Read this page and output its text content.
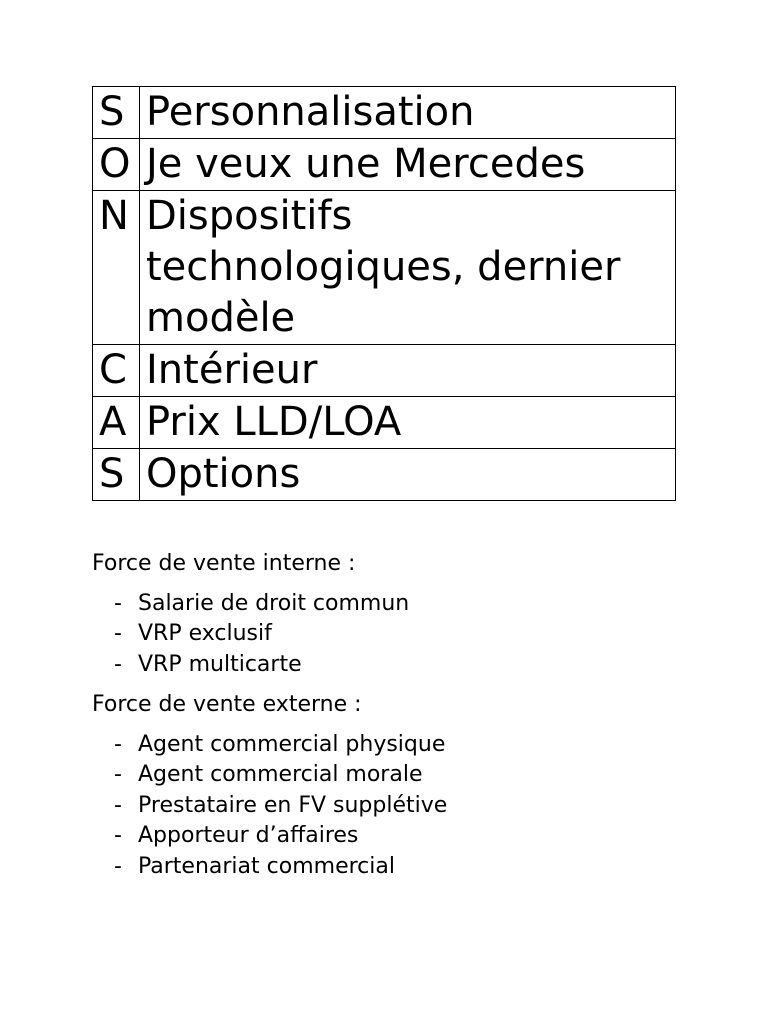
S	Personnalisation
O	Je veux une Mercedes
N	Dispositifs technologiques, dernier modèle
C	Intérieur
A	Prix LLD/LOA
S	Options

Force de vente interne :

- Salarie de droit commun
- VRP exclusif
- VRP multicarte

Force de vente externe :

- Agent commercial physique
- Agent commercial morale
- Prestataire en FV supplétive
- Apporteur d’affaires
- Partenariat commercial
